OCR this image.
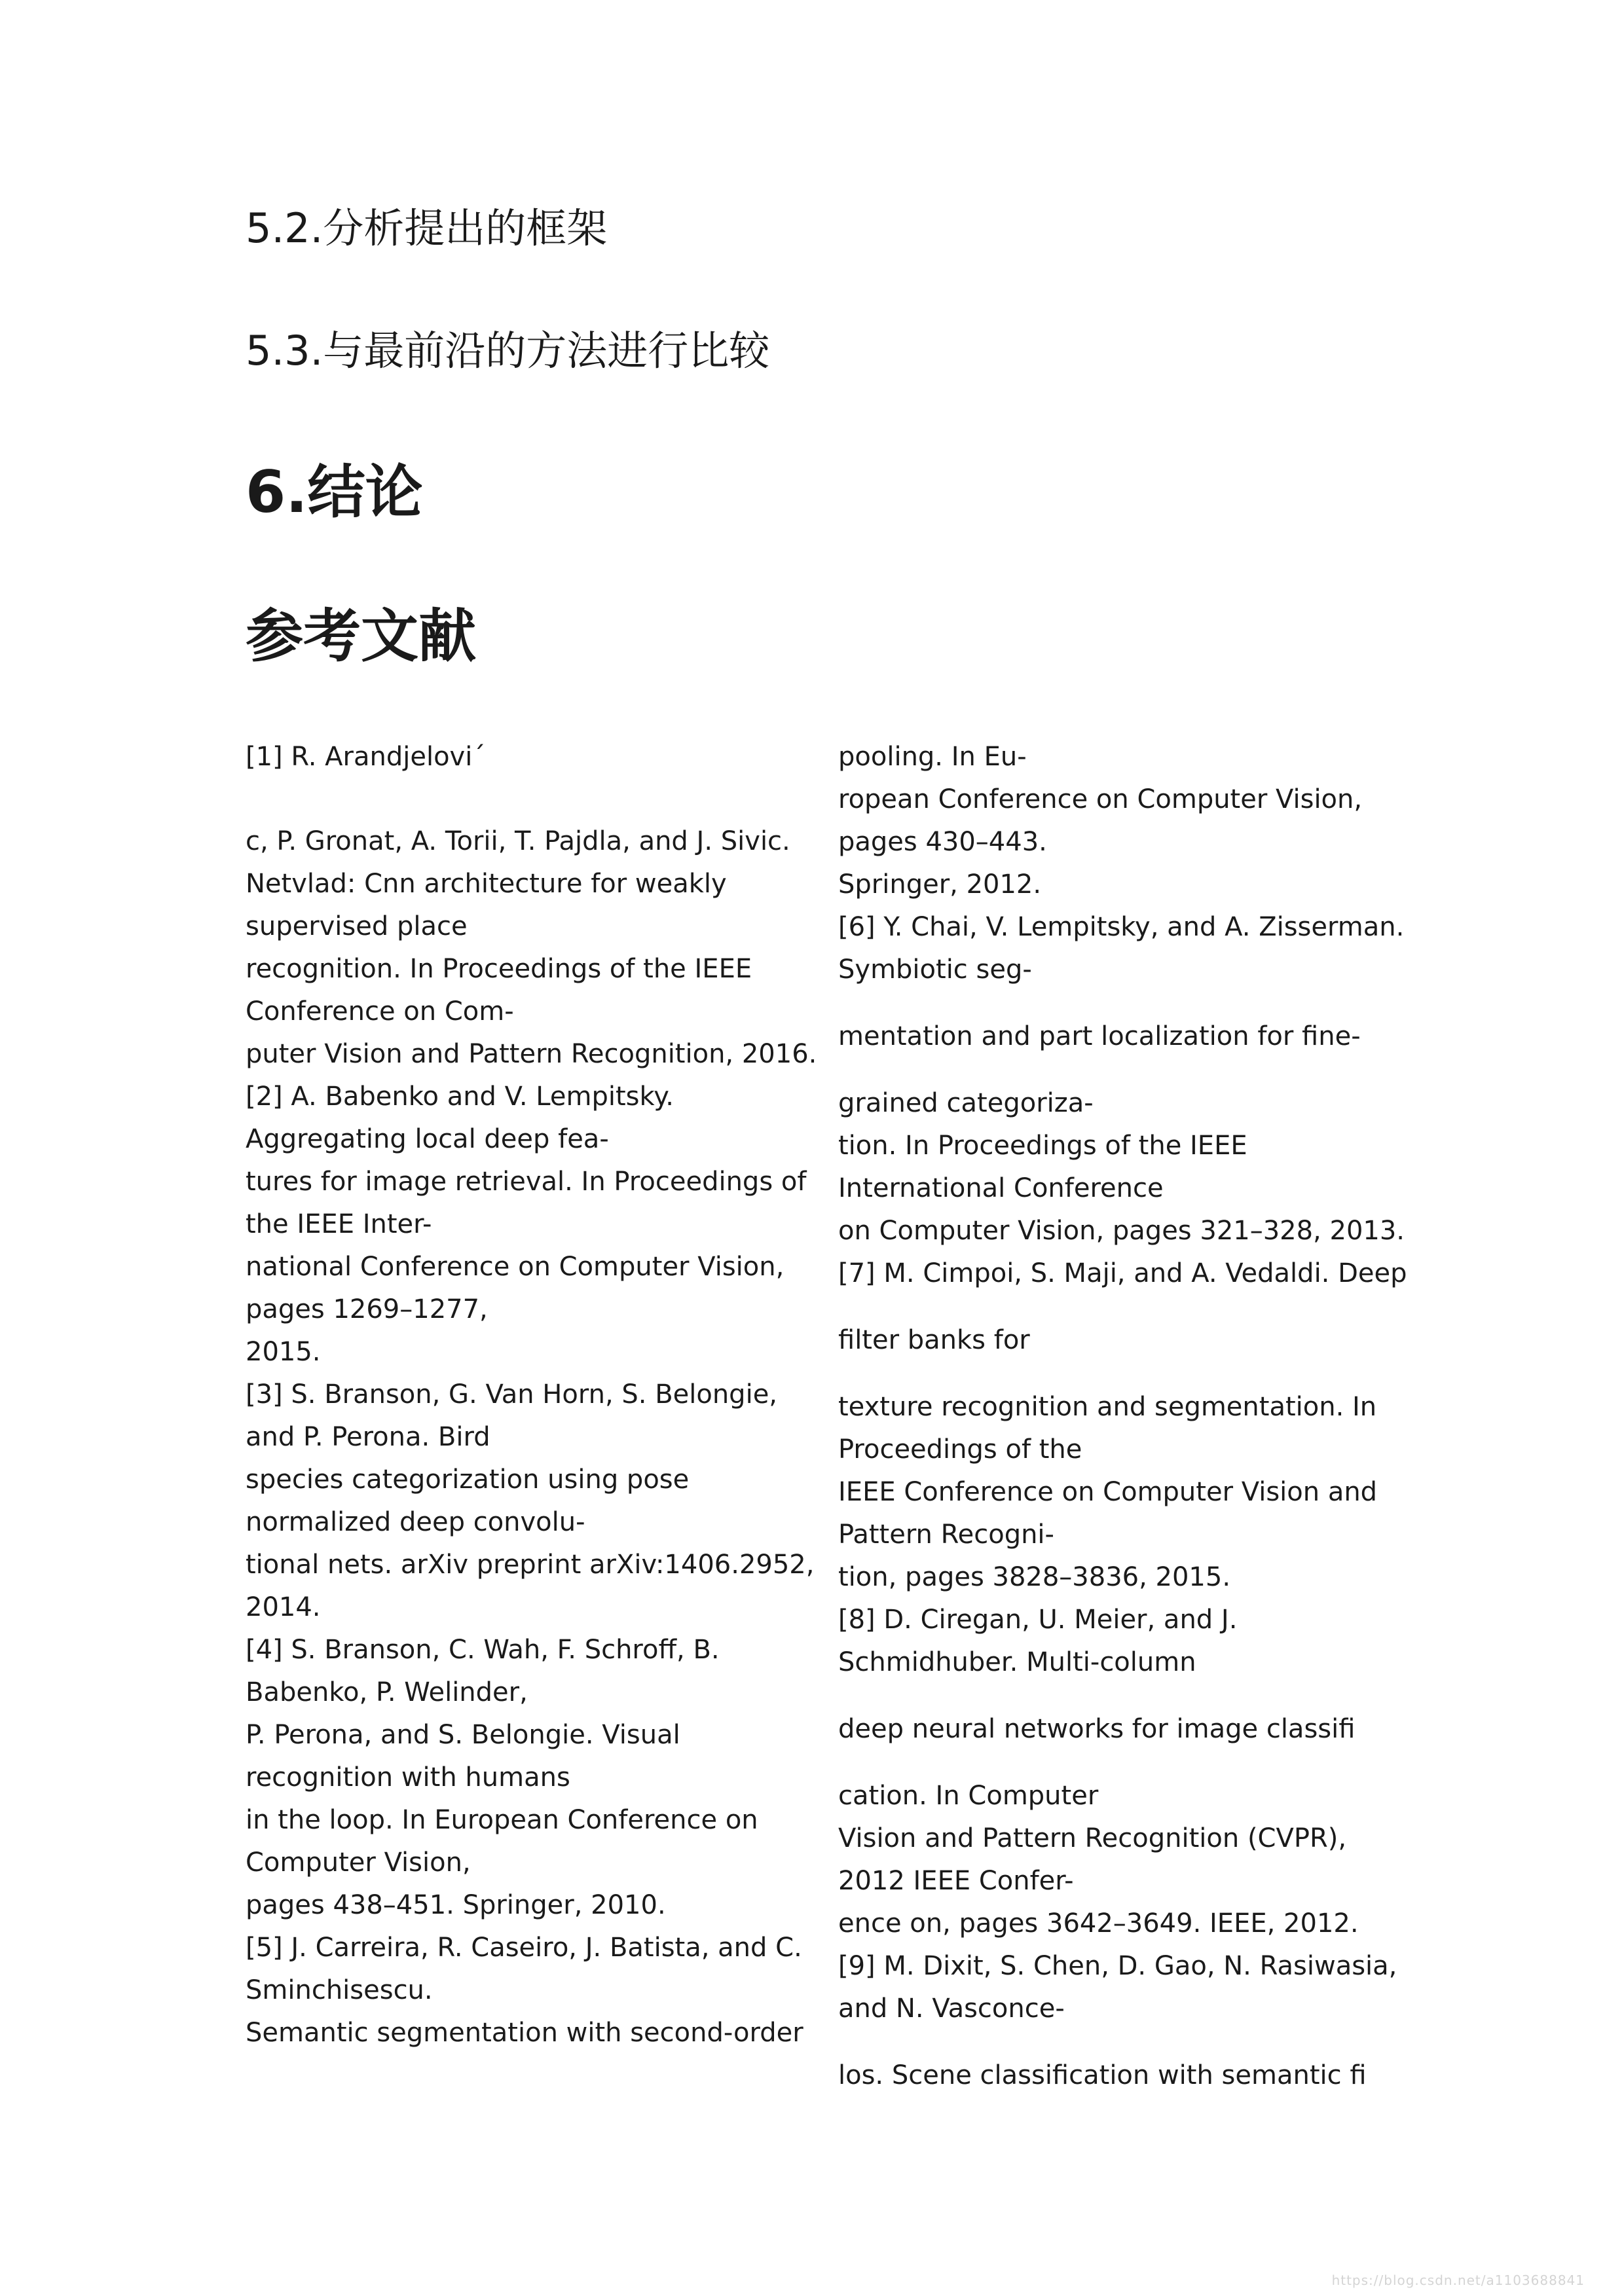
5.2.分析提出的框架
5.3.与最前沿的方法进行比较
6.结论
参考文献
[1] R. Arandjelovi´
c, P. Gronat, A. Torii, T. Pajdla, and J. Sivic.
Netvlad: Cnn architecture for weakly
supervised place
recognition. In Proceedings of the IEEE
Conference on Com-
puter Vision and Pattern Recognition, 2016.
[2] A. Babenko and V. Lempitsky.
Aggregating local deep fea-
tures for image retrieval. In Proceedings of
the IEEE Inter-
national Conference on Computer Vision,
pages 1269–1277,
2015.
[3] S. Branson, G. Van Horn, S. Belongie,
and P. Perona. Bird
species categorization using pose
normalized deep convolu-
tional nets. arXiv preprint arXiv:1406.2952,
2014.
[4] S. Branson, C. Wah, F. Schroff, B.
Babenko, P. Welinder,
P. Perona, and S. Belongie. Visual
recognition with humans
in the loop. In European Conference on
Computer Vision,
pages 438–451. Springer, 2010.
[5] J. Carreira, R. Caseiro, J. Batista, and C.
Sminchisescu.
Semantic segmentation with second-order
pooling. In Eu-
ropean Conference on Computer Vision,
pages 430–443.
Springer, 2012.
[6] Y. Chai, V. Lempitsky, and A. Zisserman.
Symbiotic seg-
mentation and part localization for ﬁne-
grained categoriza-
tion. In Proceedings of the IEEE
International Conference
on Computer Vision, pages 321–328, 2013.
[7] M. Cimpoi, S. Maji, and A. Vedaldi. Deep
ﬁlter banks for
texture recognition and segmentation. In
Proceedings of the
IEEE Conference on Computer Vision and
Pattern Recogni-
tion, pages 3828–3836, 2015.
[8] D. Ciregan, U. Meier, and J.
Schmidhuber. Multi-column
deep neural networks for image classiﬁ
cation. In Computer
Vision and Pattern Recognition (CVPR),
2012 IEEE Confer-
ence on, pages 3642–3649. IEEE, 2012.
[9] M. Dixit, S. Chen, D. Gao, N. Rasiwasia,
and N. Vasconce-
los. Scene classiﬁcation with semantic ﬁ
https://blog.csdn.net/a1103688841
